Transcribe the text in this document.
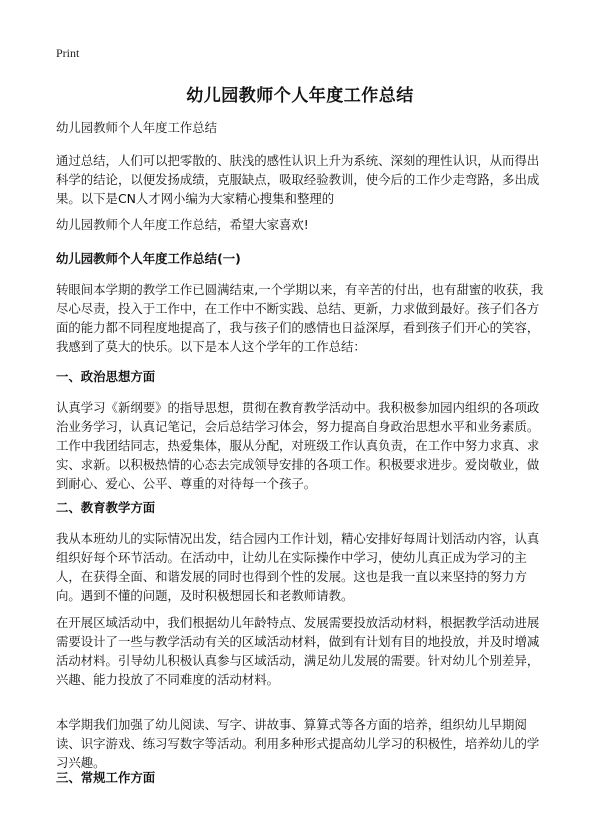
Print
幼儿园教师个人年度工作总结

幼儿园教师个人年度工作总结

通过总结，人们可以把零散的、肤浅的感性认识上升为系统、深刻的理性认识，从而得出科学的结论，以便发扬成绩，克服缺点，吸取经验教训，使今后的工作少走弯路，多出成果。以下是CN人才网小编为大家精心搜集和整理的

幼儿园教师个人年度工作总结，希望大家喜欢!

幼儿园教师个人年度工作总结(一)

转眼间本学期的教学工作已圆满结束,一个学期以来，有辛苦的付出，也有甜蜜的收获，我尽心尽责，投入于工作中，在工作中不断实践、总结、更新，力求做到最好。孩子们各方面的能力都不同程度地提高了，我与孩子们的感情也日益深厚，看到孩子们开心的笑容，我感到了莫大的快乐。以下是本人这个学年的工作总结：

一、政治思想方面

认真学习《新纲要》的指导思想，贯彻在教育教学活动中。我积极参加园内组织的各项政治业务学习，认真记笔记，会后总结学习体会，努力提高自身政治思想水平和业务素质。工作中我团结同志，热爱集体，服从分配，对班级工作认真负责，在工作中努力求真、求实、求新。以积极热情的心态去完成领导安排的各项工作。积极要求进步。爱岗敬业，做到耐心、爱心、公平、尊重的对待每一个孩子。

二、教育教学方面

我从本班幼儿的实际情况出发，结合园内工作计划，精心安排好每周计划活动内容，认真组织好每个环节活动。在活动中，让幼儿在实际操作中学习，使幼儿真正成为学习的主人，在获得全面、和谐发展的同时也得到个性的发展。这也是我一直以来坚持的努力方向。遇到不懂的问题，及时积极想园长和老教师请教。

在开展区域活动中，我们根据幼儿年龄特点、发展需要投放活动材料，根据教学活动进展需要设计了一些与教学活动有关的区域活动材料，做到有计划有目的地投放，并及时增减活动材料。引导幼儿积极认真参与区域活动，满足幼儿发展的需要。针对幼儿个别差异，兴趣、能力投放了不同难度的活动材料。

本学期我们加强了幼儿阅读、写字、讲故事、算算式等各方面的培养，组织幼儿早期阅读、识字游戏、练习写数字等活动。利用多种形式提高幼儿学习的积极性，培养幼儿的学习兴趣。

三、常规工作方面
